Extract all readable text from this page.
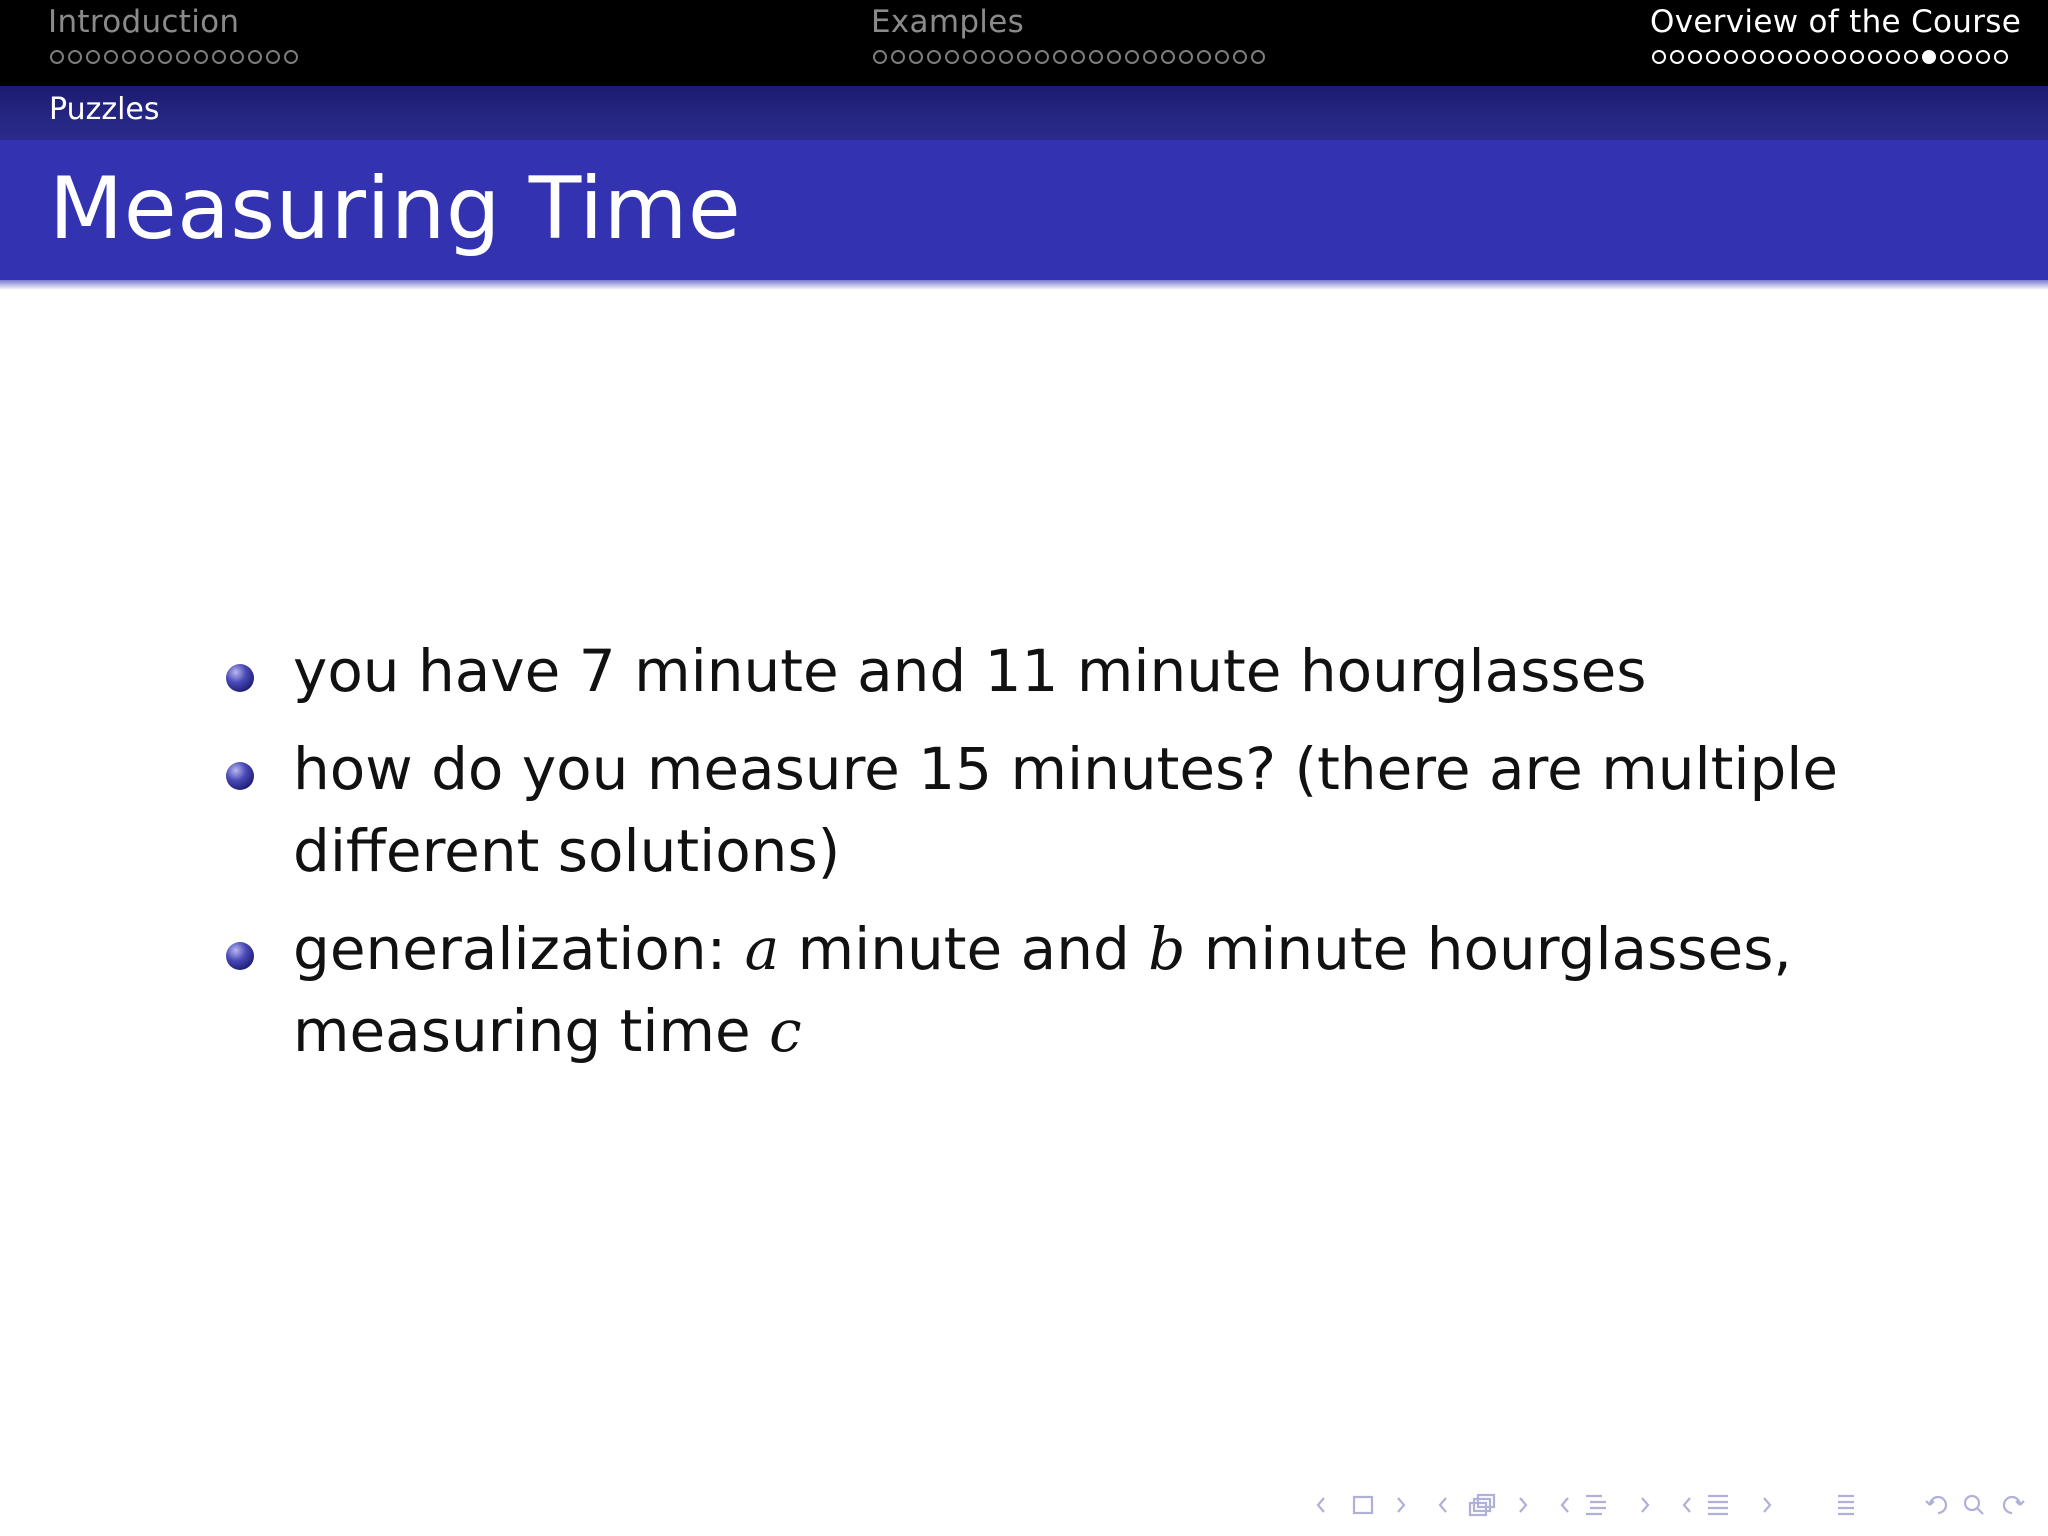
Introduction	Examples	Overview of the Course
Puzzles
Measuring Time
you have 7 minute and 11 minute hourglasses
how do you measure 15 minutes? (there are multiple different solutions)
generalization: a minute and b minute hourglasses, measuring time c
